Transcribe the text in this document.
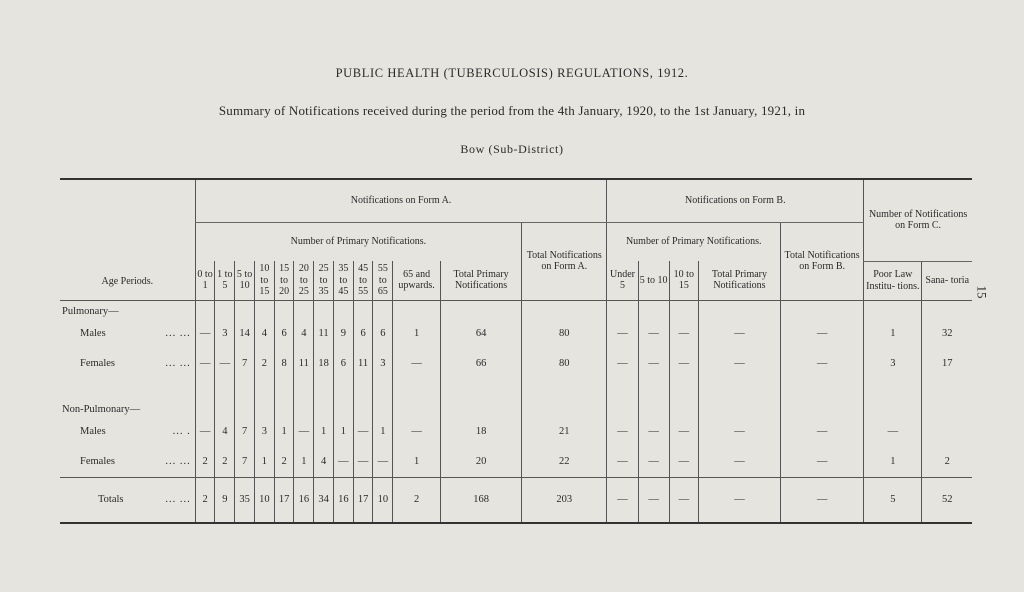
PUBLIC HEALTH (TUBERCULOSIS) REGULATIONS, 1912.
Summary of Notifications received during the period from the 4th January, 1920, to the 1st January, 1921, in
Bow (Sub-District)
15
Age Periods.	Notifications on Form A.													Notifications on Form B.					Number of Notifications on Form C.	
	Number of Primary Notifications.												Total Notifications on Form A.	Number of Primary Notifications.				Total Notifications on Form B.		
	0 to 1	1 to 5	5 to 10	10 to 15	15 to 20	20 to 25	25 to 35	35 to 45	45 to 55	55 to 65	65 and upwards.	Total Primary Notifications		Under 5	5 to 10	10 to 15	Total Primary Notifications		Poor Law Institu- tions.	Sana- toria

Pulmonary—																				
Males ... ...	—	3	14	4	6	4	11	9	6	6	1	64	80	—	—	—	—	—	1	32
Females ... ...	—	—	7	2	8	11	18	6	11	3	—	66	80	—	—	—	—	—	3	17

Non-Pulmonary—																				
Males ... .	—	4	7	3	1	—	1	1	—	1	—	18	21	—	—	—	—	—	—	
Females ... ...	2	2	7	1	2	1	4	—	—	—	1	20	22	—	—	—	—	—	1	2
Totals ... ...	2	9	35	10	17	16	34	16	17	10	2	168	203	—	—	—	—	—	5	52
